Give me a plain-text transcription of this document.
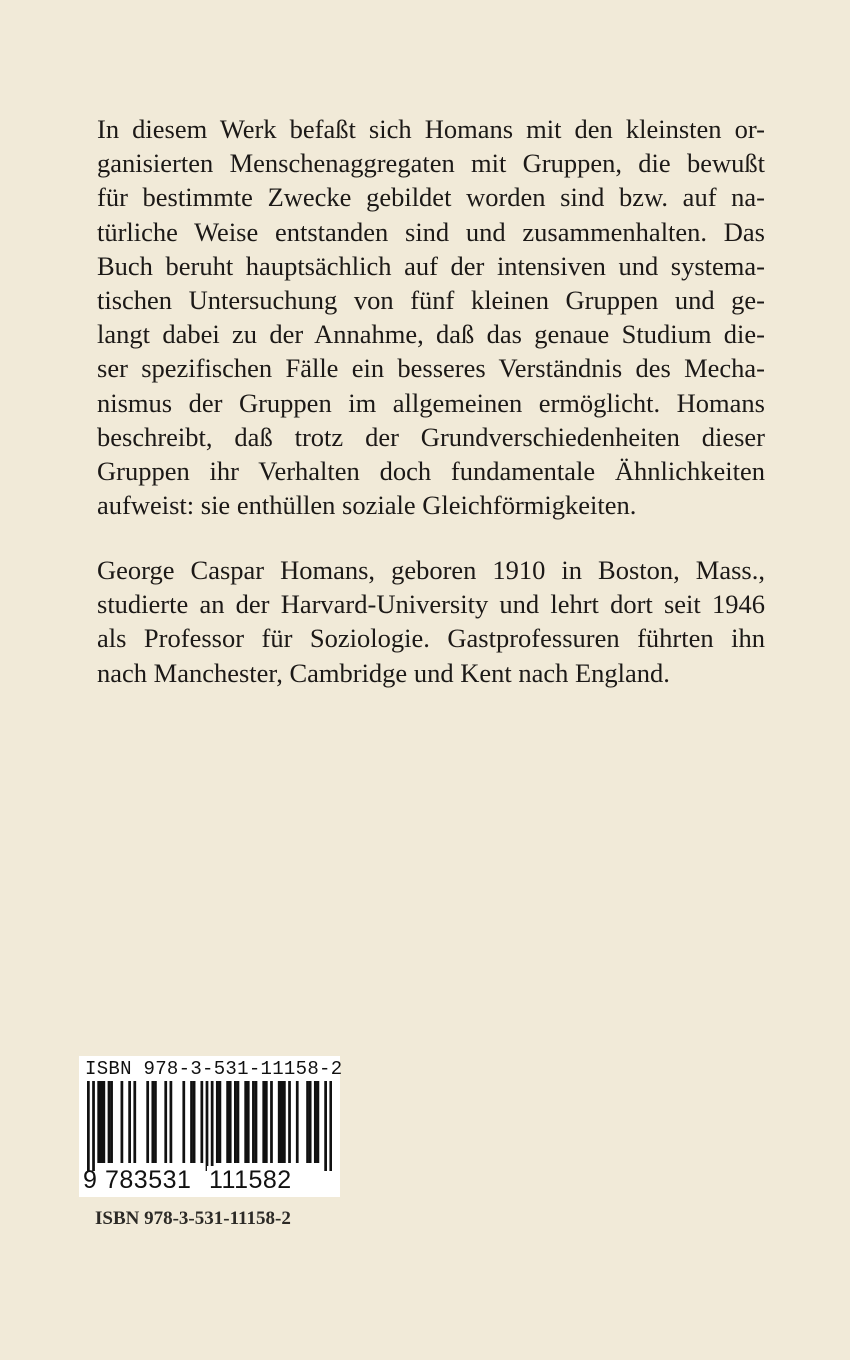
In diesem Werk befaßt sich Homans mit den kleinsten or-
ganisierten Menschenaggregaten mit Gruppen, die bewußt
für bestimmte Zwecke gebildet worden sind bzw. auf na-
türliche Weise entstanden sind und zusammenhalten. Das
Buch beruht hauptsächlich auf der intensiven und systema-
tischen Untersuchung von fünf kleinen Gruppen und ge-
langt dabei zu der Annahme, daß das genaue Studium die-
ser spezifischen Fälle ein besseres Verständnis des Mecha-
nismus der Gruppen im allgemeinen ermöglicht. Homans
beschreibt, daß trotz der Grundverschiedenheiten dieser
Gruppen ihr Verhalten doch fundamentale Ähnlichkeiten
aufweist: sie enthüllen soziale Gleichförmigkeiten.
George Caspar Homans, geboren 1910 in Boston, Mass.,
studierte an der Harvard-University und lehrt dort seit 1946
als Professor für Soziologie. Gastprofessuren führten ihn
nach Manchester, Cambridge und Kent nach England.
ISBN 978-3-531-11158-2
9 783531 111582
ISBN 978-3-531-11158-2
